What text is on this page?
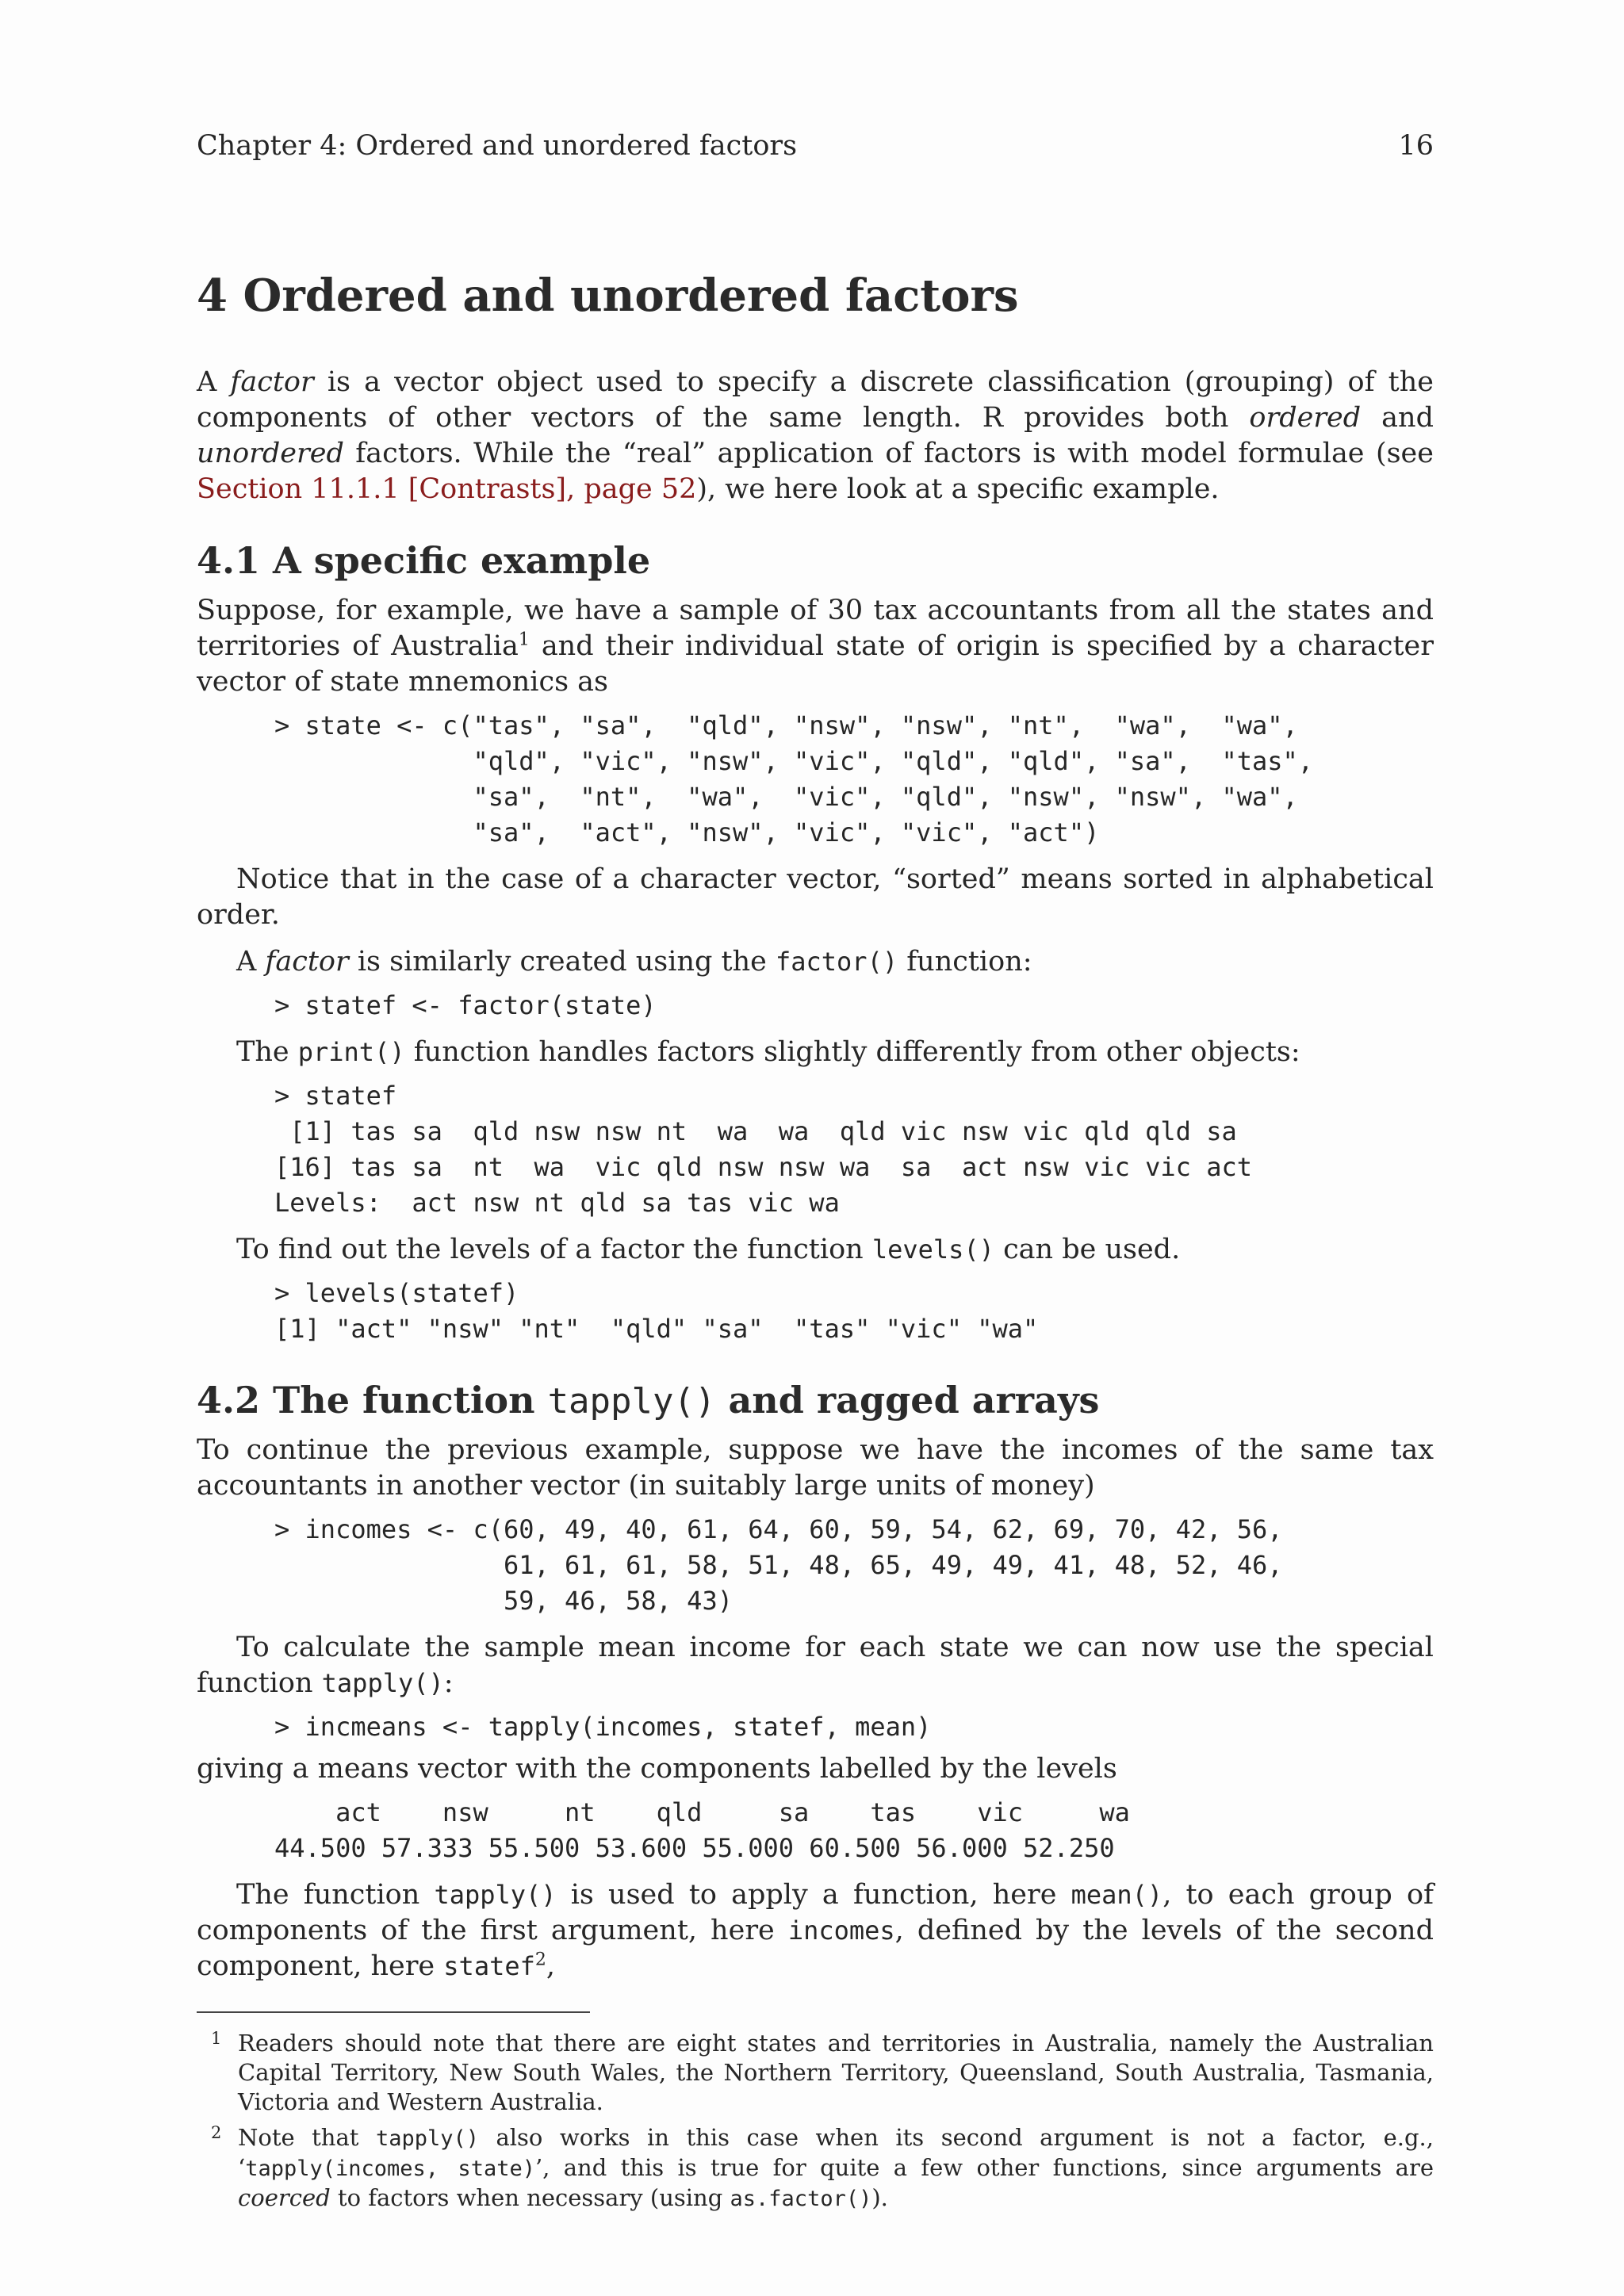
Chapter 4: Ordered and unordered factors	16
4 Ordered and unordered factors

A factor is a vector object used to specify a discrete classification (grouping) of the components of other vectors of the same length. R provides both ordered and unordered factors. While the “real” application of factors is with model formulae (see Section 11.1.1 [Contrasts], page 52), we here look at a specific example.

4.1 A specific example

Suppose, for example, we have a sample of 30 tax accountants from all the states and territories of Australia$^1$ and their individual state of origin is specified by a character vector of state mnemonics as

> state <- c("tas", "sa",  "qld", "nsw", "nsw", "nt",  "wa",  "wa",
"qld", "vic", "nsw", "vic", "qld", "qld", "sa",  "tas",
"sa",  "nt",  "wa",  "vic", "qld", "nsw", "nsw", "wa",
"sa",  "act", "nsw", "vic", "vic", "act")

Notice that in the case of a character vector, “sorted” means sorted in alphabetical order.

A factor is similarly created using the factor() function:

> statef <- factor(state)

The print() function handles factors slightly differently from other objects:

> statef
[1] tas sa  qld nsw nsw nt  wa  wa  qld vic nsw vic qld qld sa
[16] tas sa  nt  wa  vic qld nsw nsw wa  sa  act nsw vic vic act
Levels:  act nsw nt qld sa tas vic wa

To find out the levels of a factor the function levels() can be used.

> levels(statef)
[1] "act" "nsw" "nt"  "qld" "sa"  "tas" "vic" "wa"
4.2 The function tapply() and ragged arrays

To continue the previous example, suppose we have the incomes of the same tax accountants in another vector (in suitably large units of money)

> incomes <- c(60, 49, 40, 61, 64, 60, 59, 54, 62, 69, 70, 42, 56,
61, 61, 61, 58, 51, 48, 65, 49, 49, 41, 48, 52, 46,
59, 46, 58, 43)

To calculate the sample mean income for each state we can now use the special function tapply():

> incmeans <- tapply(incomes, statef, mean)

giving a means vector with the components labelled by the levels

act    nsw     nt    qld     sa    tas    vic     wa
44.500 57.333 55.500 53.600 55.000 60.500 56.000 52.250

The function tapply() is used to apply a function, here mean(), to each group of components of the first argument, here incomes, defined by the levels of the second component, here statef$^2$,

1 Readers should note that there are eight states and territories in Australia, namely the Australian Capital Territory, New South Wales, the Northern Territory, Queensland, South Australia, Tasmania, Victoria and Western Australia.
2 Note that tapply() also works in this case when its second argument is not a factor, e.g., ‘tapply(incomes, state)’, and this is true for quite a few other functions, since arguments are coerced to factors when necessary (using as.factor()).
